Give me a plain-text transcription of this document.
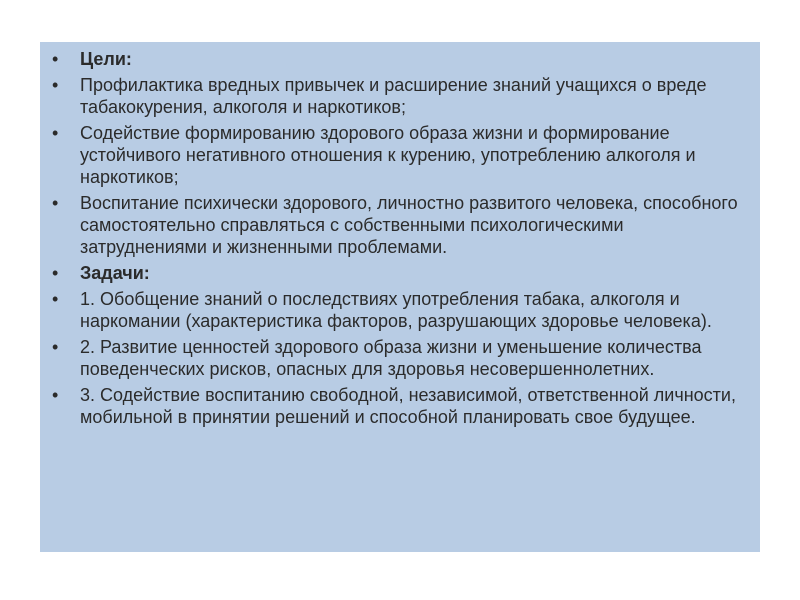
• Цели:
• Профилактика вредных привычек и расширение знаний учащихся о вреде табакокурения, алкоголя и наркотиков;
• Содействие формированию здорового образа жизни и формирование устойчивого негативного отношения к курению, употреблению алкоголя и наркотиков;
• Воспитание психически здорового, личностно развитого человека, способного самостоятельно справляться с собственными психологическими затруднениями и жизненными проблемами.
• Задачи:
• 1. Обобщение знаний о последствиях употребления табака, алкоголя и наркомании (характеристика факторов, разрушающих здоровье человека).
• 2. Развитие ценностей здорового образа жизни и уменьшение количества поведенческих рисков, опасных для здоровья несовершеннолетних.
• 3. Содействие воспитанию свободной, независимой, ответственной личности, мобильной в принятии решений и способной планировать свое будущее.
